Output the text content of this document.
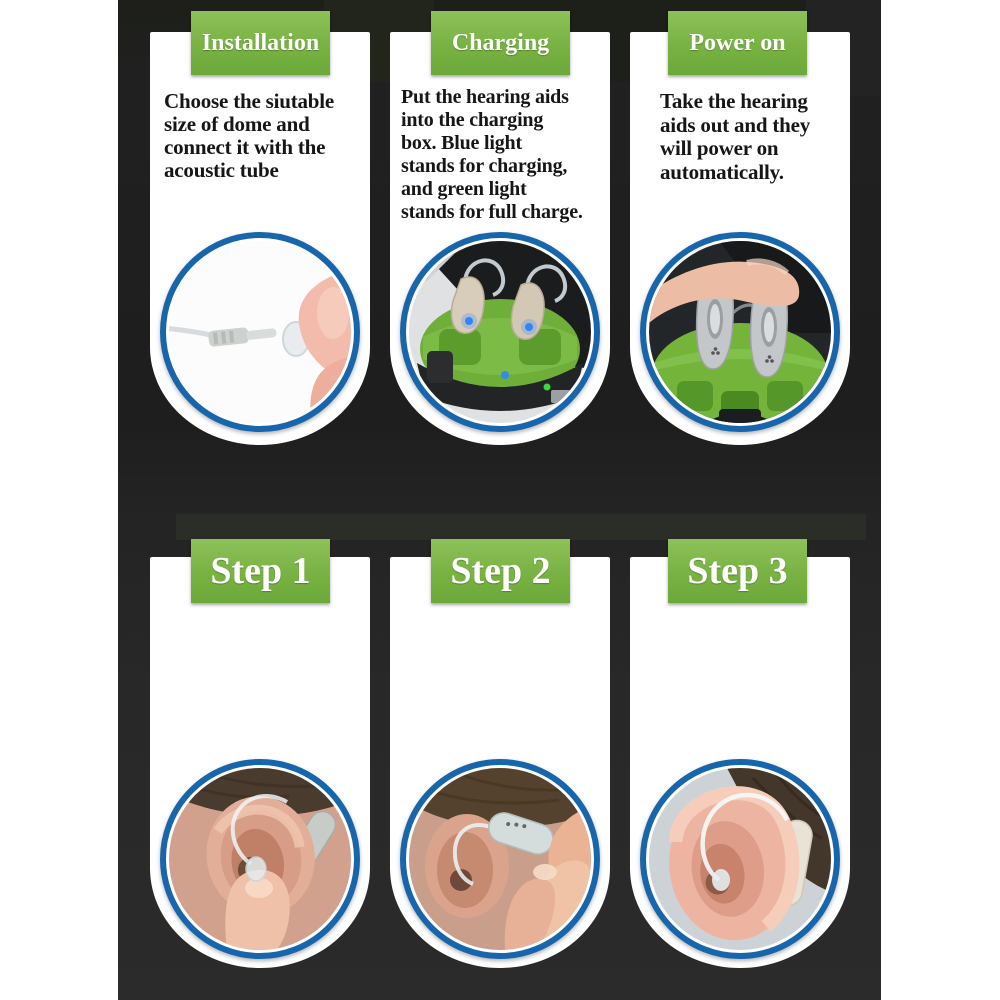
Installation	Charging	Power on
Choose the siutable
size of dome and
connect it with the
acoustic tube
Put the hearing aids
into the charging
box. Blue light
stands for charging,
and green light
stands for full charge.
Take the hearing
aids out and they
will power on
automatically.
Step 1	Step 2	Step 3
